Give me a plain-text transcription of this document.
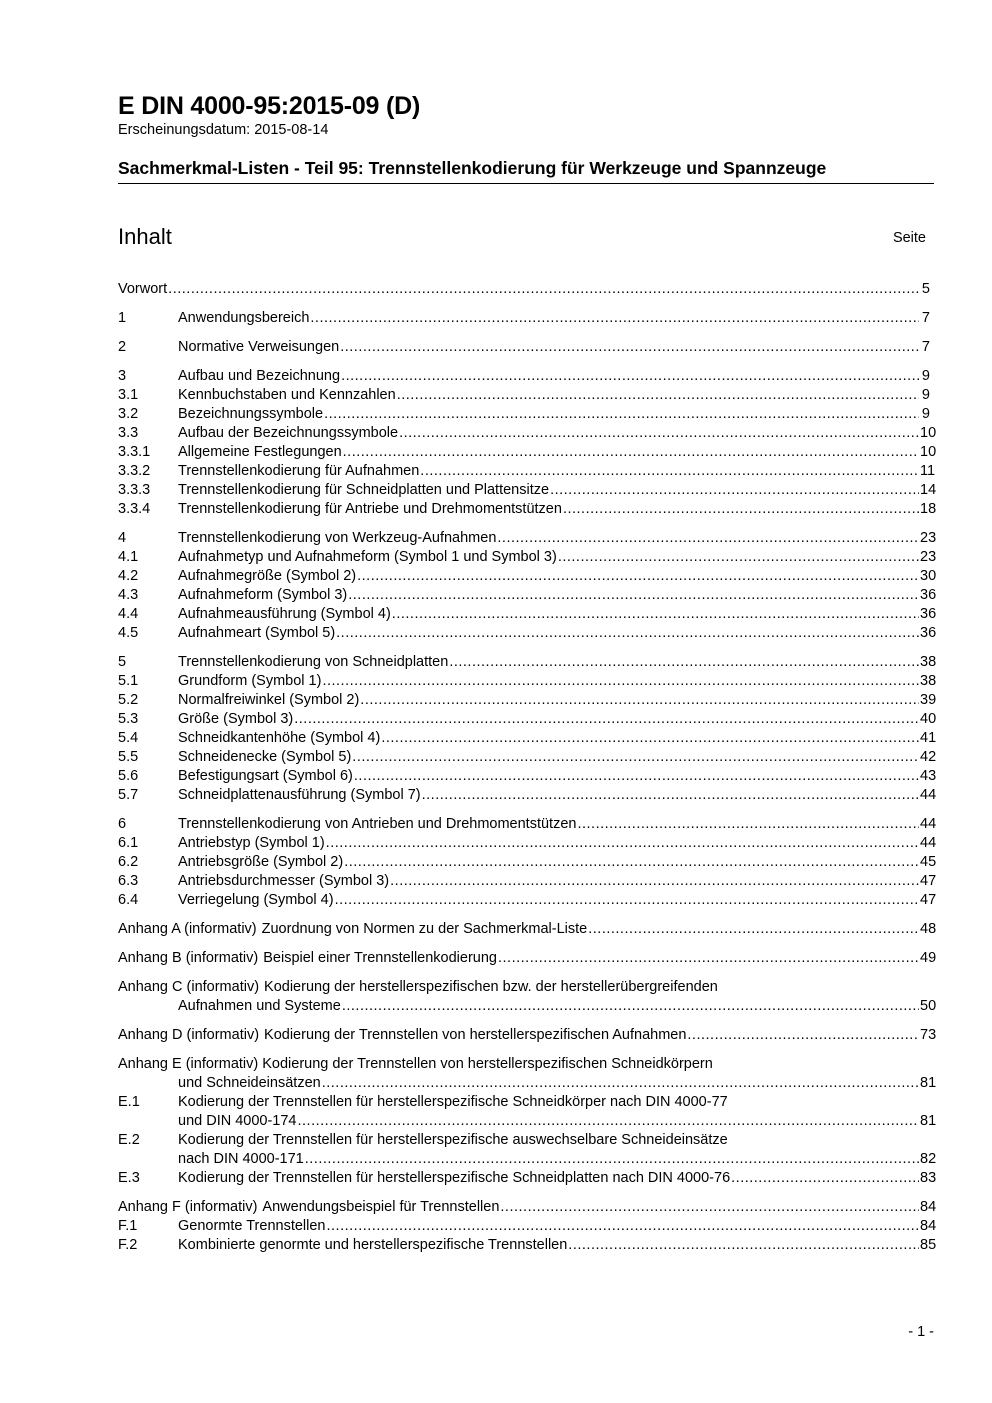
E DIN 4000-95:2015-09 (D)
Erscheinungsdatum: 2015-08-14
Sachmerkmal-Listen - Teil 95: Trennstellenkodierung für Werkzeuge und Spannzeuge
Inhalt	Seite
Vorwort .....	5
1	Anwendungsbereich .....	7
2	Normative Verweisungen .....	7
3	Aufbau und Bezeichnung .....	9
3.1	Kennbuchstaben und Kennzahlen .....	9
3.2	Bezeichnungssymbole .....	9
3.3	Aufbau der Bezeichnungssymbole .....	10
3.3.1	Allgemeine Festlegungen .....	10
3.3.2	Trennstellenkodierung für Aufnahmen .....	11
3.3.3	Trennstellenkodierung für Schneidplatten und Plattensitze .....	14
3.3.4	Trennstellenkodierung für Antriebe und Drehmomentstützen .....	18
4	Trennstellenkodierung von Werkzeug-Aufnahmen .....	23
4.1	Aufnahmetyp und Aufnahmeform (Symbol 1 und Symbol 3) .....	23
4.2	Aufnahmegröße (Symbol 2) .....	30
4.3	Aufnahmeform (Symbol 3) .....	36
4.4	Aufnahmeausführung (Symbol 4) .....	36
4.5	Aufnahmeart (Symbol 5) .....	36
5	Trennstellenkodierung von Schneidplatten .....	38
5.1	Grundform (Symbol 1) .....	38
5.2	Normalfreiwinkel (Symbol 2) .....	39
5.3	Größe (Symbol 3) .....	40
5.4	Schneidkantenhöhe (Symbol 4) .....	41
5.5	Schneidenecke (Symbol 5) .....	42
5.6	Befestigungsart (Symbol 6) .....	43
5.7	Schneidplattenausführung (Symbol 7) .....	44
6	Trennstellenkodierung von Antrieben und Drehmomentstützen .....	44
6.1	Antriebstyp (Symbol 1) .....	44
6.2	Antriebsgröße (Symbol 2) .....	45
6.3	Antriebsdurchmesser (Symbol 3) .....	47
6.4	Verriegelung (Symbol 4) .....	47
Anhang A (informativ) Zuordnung von Normen zu der Sachmerkmal-Liste .....	48
Anhang B (informativ) Beispiel einer Trennstellenkodierung .....	49
Anhang C (informativ) Kodierung der herstellerspezifischen bzw. der herstellerübergreifenden
Aufnahmen und Systeme .....	50
Anhang D (informativ) Kodierung der Trennstellen von herstellerspezifischen Aufnahmen .....	73
Anhang E (informativ) Kodierung der Trennstellen von herstellerspezifischen Schneidkörpern
und Schneideinsätzen .....	81
E.1	Kodierung der Trennstellen für herstellerspezifische Schneidkörper nach DIN 4000-77
und DIN 4000-174 .....	81
E.2	Kodierung der Trennstellen für herstellerspezifische auswechselbare Schneideinsätze
nach DIN 4000-171 .....	82
E.3	Kodierung der Trennstellen für herstellerspezifische Schneidplatten nach DIN 4000-76 .....	83
Anhang F (informativ) Anwendungsbeispiel für Trennstellen .....	84
F.1	Genormte Trennstellen .....	84
F.2	Kombinierte genormte und herstellerspezifische Trennstellen .....	85
- 1 -
